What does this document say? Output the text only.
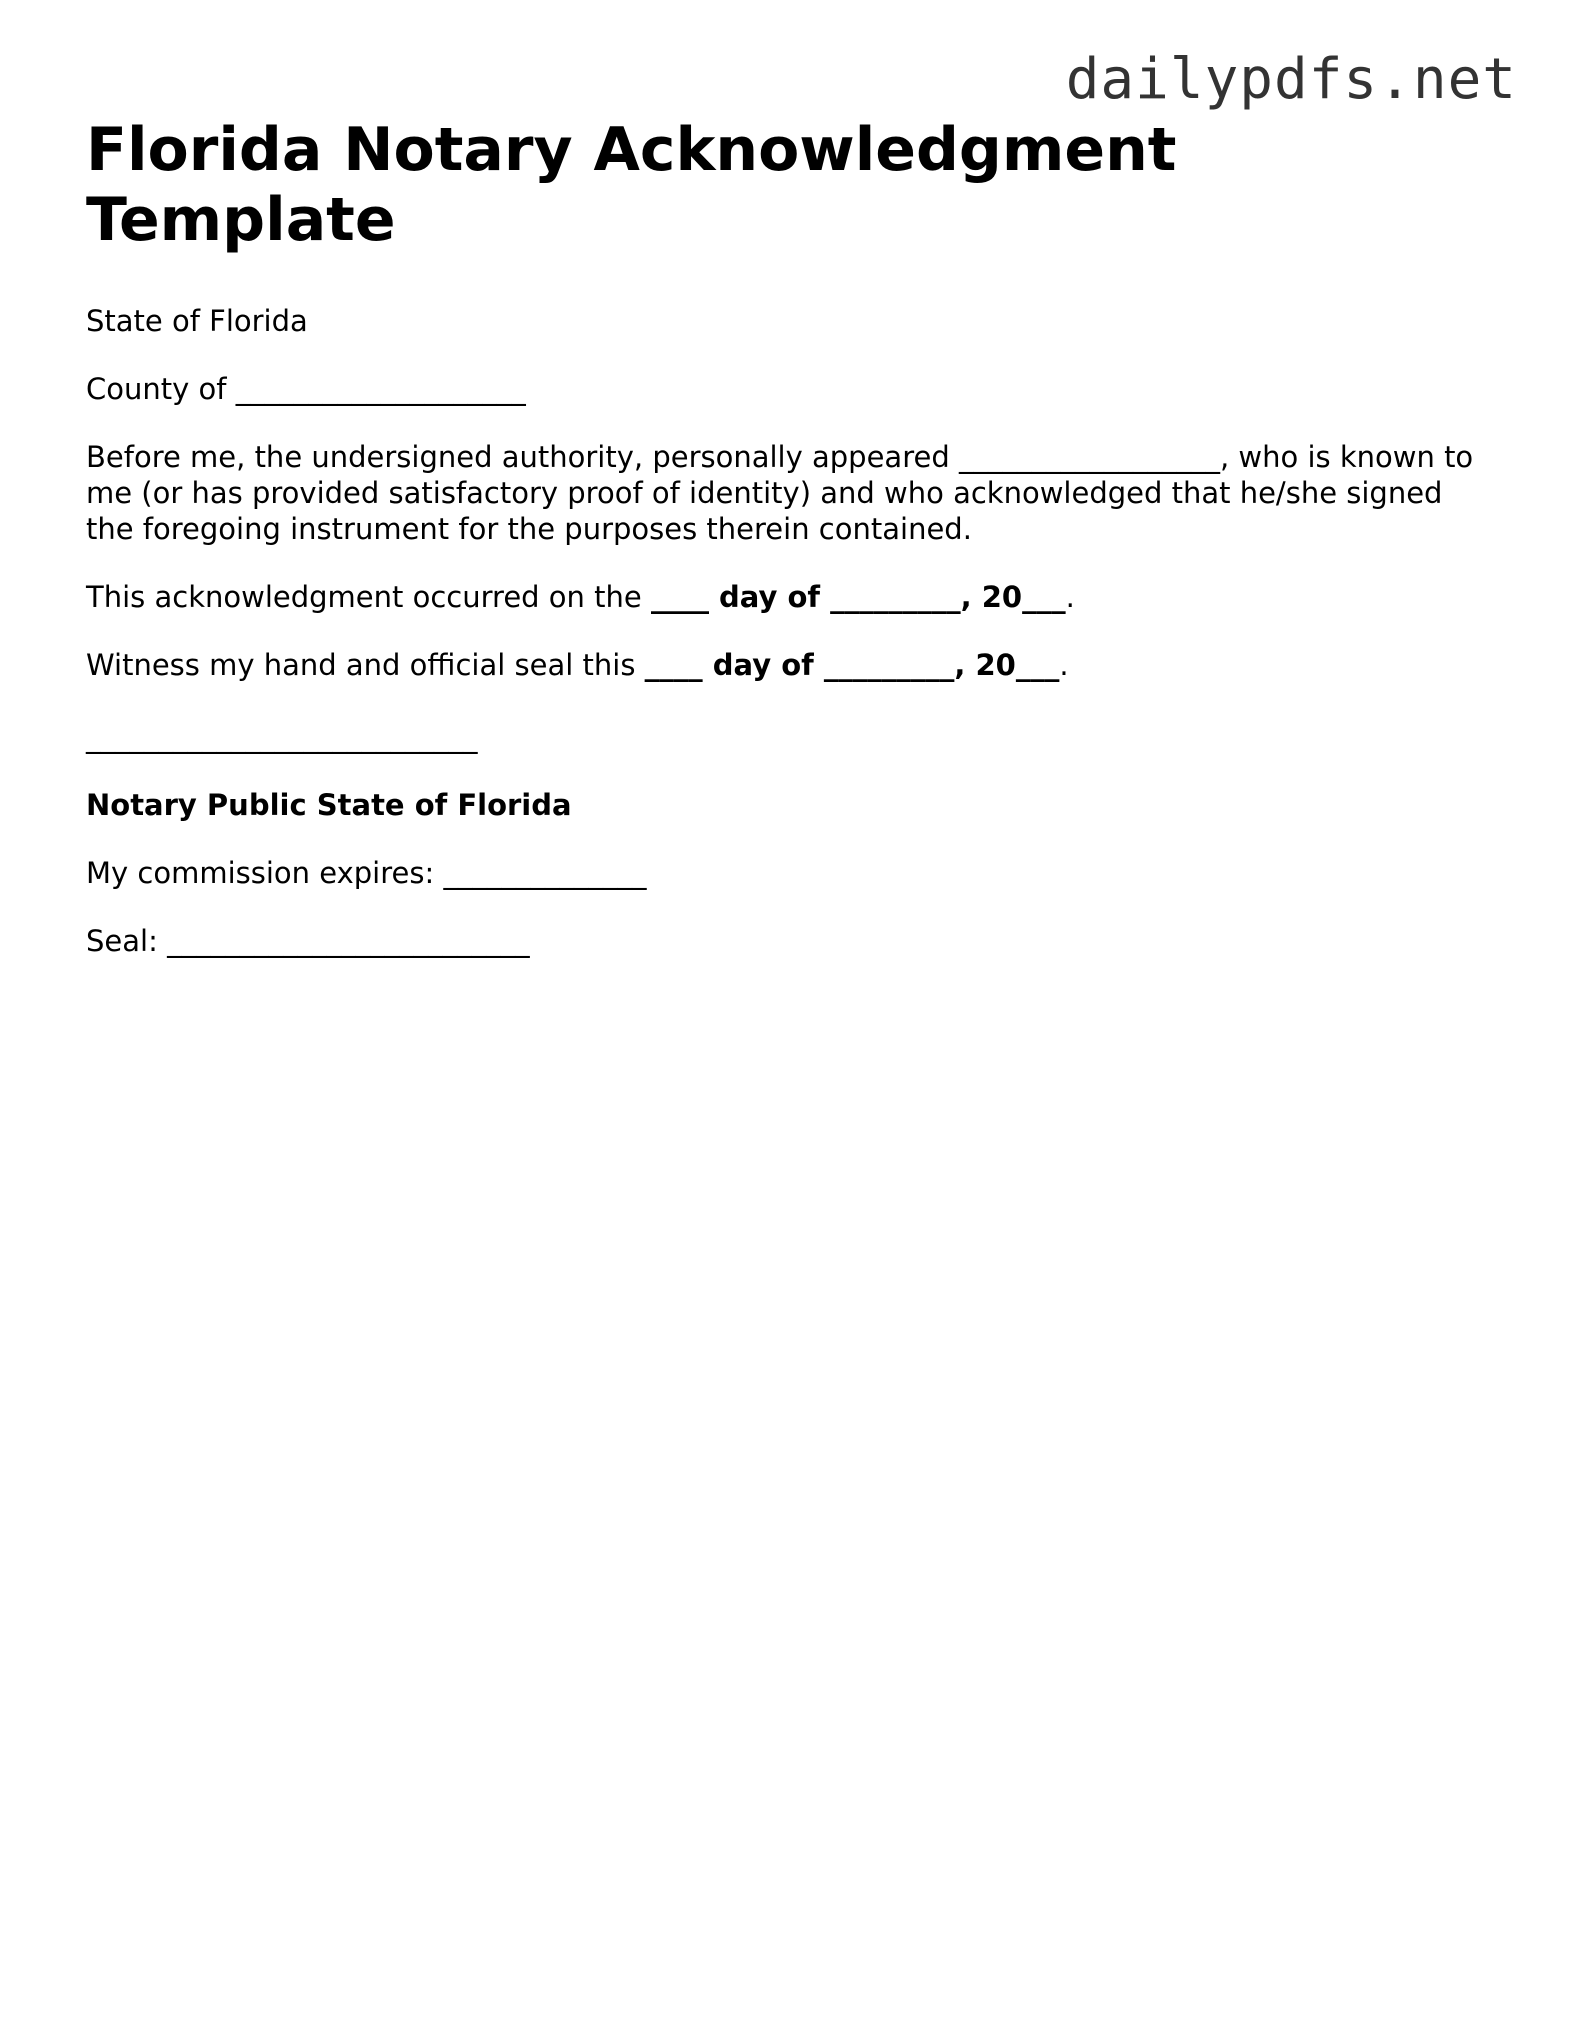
dailypdfs.net
Florida Notary Acknowledgment Template
State of Florida
County of ____________________
Before me, the undersigned authority, personally appeared __________________, who is known to me (or has provided satisfactory proof of identity) and who acknowledged that he/she signed the foregoing instrument for the purposes therein contained.
This acknowledgment occurred on the ____ day of _________, 20___.
Witness my hand and official seal this ____ day of _________, 20___.
___________________________
Notary Public State of Florida
My commission expires: ______________
Seal: _________________________
